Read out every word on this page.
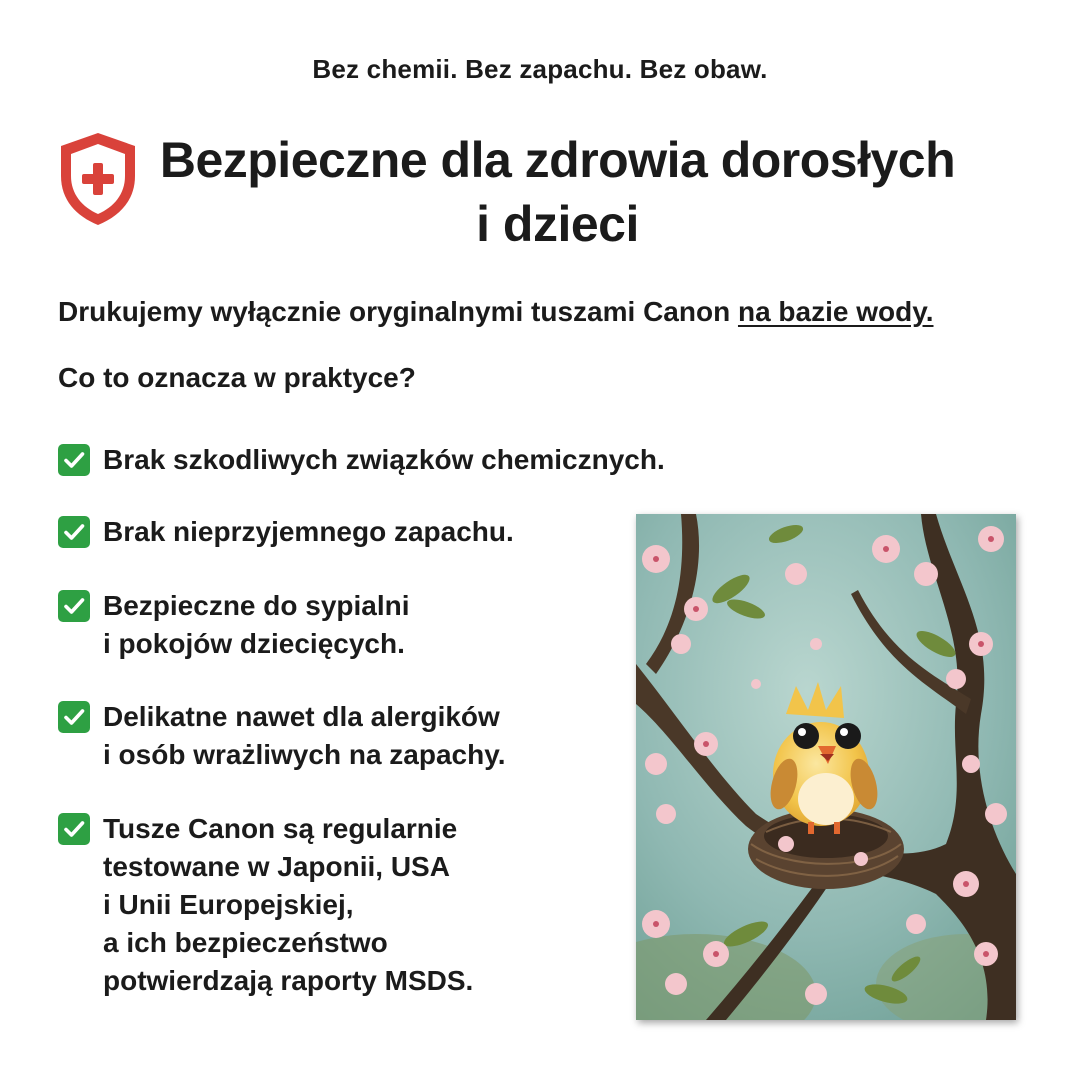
Bez chemii. Bez zapachu. Bez obaw.
Bezpieczne dla zdrowia dorosłych
i dzieci
Drukujemy wyłącznie oryginalnymi tuszami Canon na bazie wody.
Co to oznacza w praktyce?
Brak szkodliwych związków chemicznych.
Brak nieprzyjemnego zapachu.
Bezpieczne do sypialni
i pokojów dziecięcych.
Delikatne nawet dla alergików
i osób wrażliwych na zapachy.
Tusze Canon są regularnie
testowane w Japonii, USA
i Unii Europejskiej,
a ich bezpieczeństwo
potwierdzają raporty MSDS.
